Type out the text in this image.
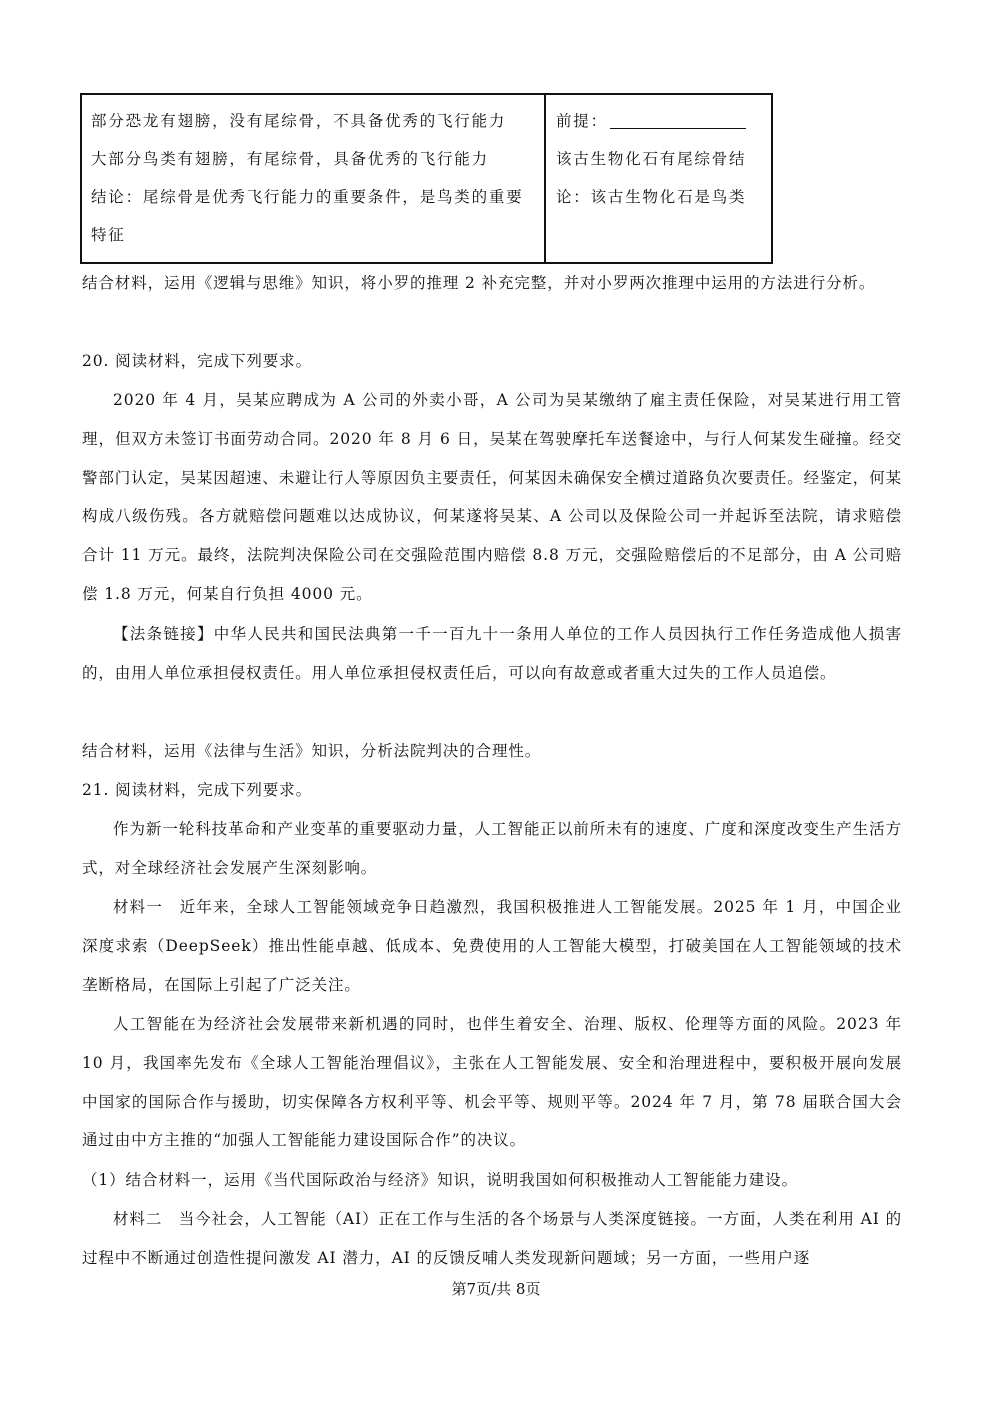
部分恐龙有翅膀，没有尾综骨，不具备优秀的飞行能力
大部分鸟类有翅膀，有尾综骨，具备优秀的飞行能力
结论：尾综骨是优秀飞行能力的重要条件，是鸟类的重要
特征
前提：
该古生物化石有尾综骨结
论：该古生物化石是鸟类
结合材料，运用《逻辑与思维》知识，将小罗的推理 2 补充完整，并对小罗两次推理中运用的方法进行分析。
20. 阅读材料，完成下列要求。
2020 年 4 月，吴某应聘成为 A 公司的外卖小哥，A 公司为吴某缴纳了雇主责任保险，对吴某进行用工管理，但双方未签订书面劳动合同。2020 年 8 月 6 日，吴某在驾驶摩托车送餐途中，与行人何某发生碰撞。经交警部门认定，吴某因超速、未避让行人等原因负主要责任，何某因未确保安全横过道路负次要责任。经鉴定，何某构成八级伤残。各方就赔偿问题难以达成协议，何某遂将吴某、A 公司以及保险公司一并起诉至法院，请求赔偿合计 11 万元。最终，法院判决保险公司在交强险范围内赔偿 8.8 万元，交强险赔偿后的不足部分，由 A 公司赔偿 1.8 万元，何某自行负担 4000 元。
【法条链接】中华人民共和国民法典第一千一百九十一条用人单位的工作人员因执行工作任务造成他人损害的，由用人单位承担侵权责任。用人单位承担侵权责任后，可以向有故意或者重大过失的工作人员追偿。
结合材料，运用《法律与生活》知识，分析法院判决的合理性。
21. 阅读材料，完成下列要求。
作为新一轮科技革命和产业变革的重要驱动力量，人工智能正以前所未有的速度、广度和深度改变生产生活方式，对全球经济社会发展产生深刻影响。
材料一　近年来，全球人工智能领域竞争日趋激烈，我国积极推进人工智能发展。2025 年 1 月，中国企业深度求索（DeepSeek）推出性能卓越、低成本、免费使用的人工智能大模型，打破美国在人工智能领域的技术垄断格局，在国际上引起了广泛关注。
人工智能在为经济社会发展带来新机遇的同时，也伴生着安全、治理、版权、伦理等方面的风险。2023 年 10 月，我国率先发布《全球人工智能治理倡议》，主张在人工智能发展、安全和治理进程中，要积极开展向发展中国家的国际合作与援助，切实保障各方权利平等、机会平等、规则平等。2024 年 7 月，第 78 届联合国大会通过由中方主推的“加强人工智能能力建设国际合作”的决议。
（1）结合材料一，运用《当代国际政治与经济》知识，说明我国如何积极推动人工智能能力建设。
材料二　当今社会，人工智能（AI）正在工作与生活的各个场景与人类深度链接。一方面，人类在利用 AI 的过程中不断通过创造性提问激发 AI 潜力，AI 的反馈反哺人类发现新问题域；另一方面，一些用户逐
第7页/共 8页
